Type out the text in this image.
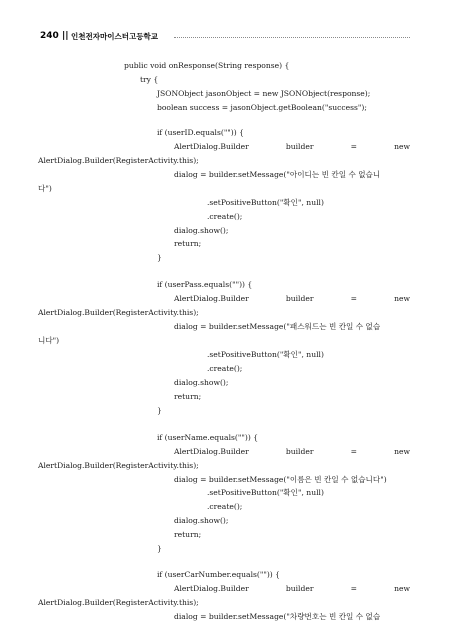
240 || 인천전자마이스터고등학교
public void onResponse(String response) {
try {
JSONObject jasonObject = new JSONObject(response);
boolean success = jasonObject.getBoolean("success");
if (userID.equals("")) {
AlertDialog.Builder	builder	=	new
AlertDialog.Builder(RegisterActivity.this);
dialog = builder.setMessage("아이디는 빈 칸일 수 없습니
다")
.setPositiveButton("확인", null)
.create();
dialog.show();
return;
}
if (userPass.equals("")) {
AlertDialog.Builder	builder	=	new
AlertDialog.Builder(RegisterActivity.this);
dialog = builder.setMessage("패스워드는 빈 칸일 수 없습
니다")
.setPositiveButton("확인", null)
.create();
dialog.show();
return;
}
if (userName.equals("")) {
AlertDialog.Builder	builder	=	new
AlertDialog.Builder(RegisterActivity.this);
dialog = builder.setMessage("이름은 빈 칸일 수 없습니다")
.setPositiveButton("확인", null)
.create();
dialog.show();
return;
}
if (userCarNumber.equals("")) {
AlertDialog.Builder	builder	=	new
AlertDialog.Builder(RegisterActivity.this);
dialog = builder.setMessage("차량번호는 빈 칸일 수 없습
